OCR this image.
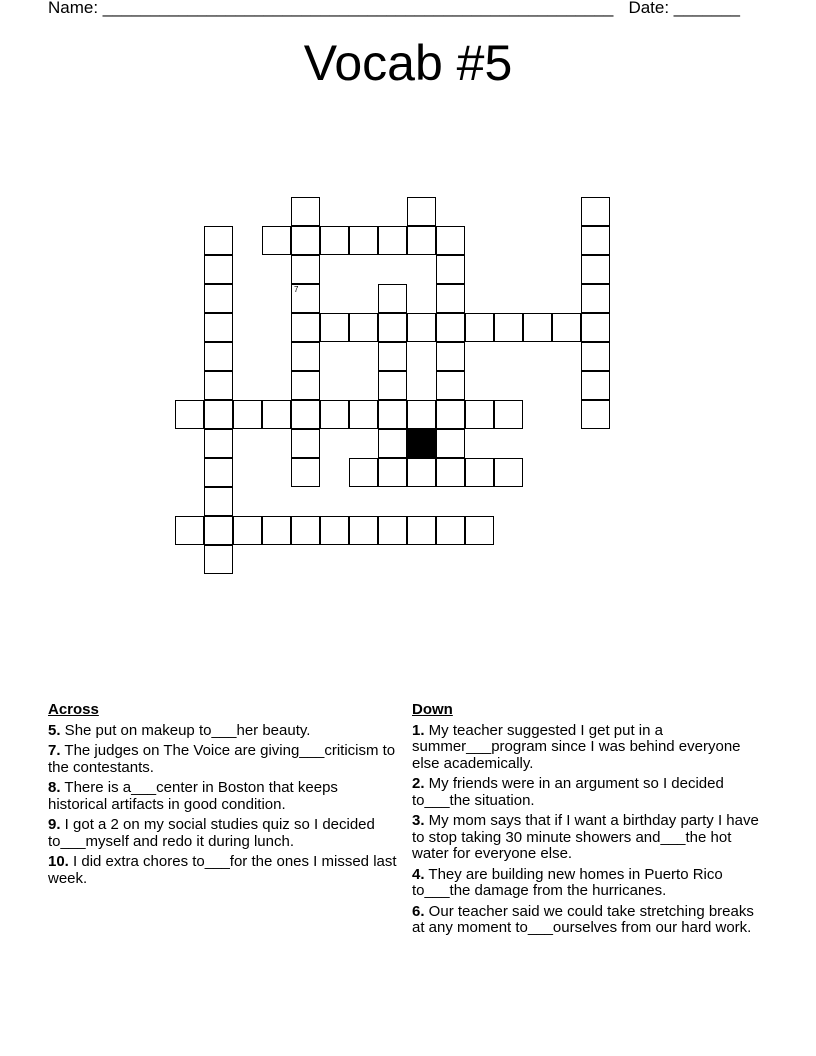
Name: ______________________________________________________ Date: _______
Vocab #5
7
Across
5. She put on makeup to___her beauty.
7. The judges on The Voice are giving___criticism to the contestants.
8. There is a___center in Boston that keeps historical artifacts in good condition.
9. I got a 2 on my social studies quiz so I decided to___myself and redo it during lunch.
10. I did extra chores to___for the ones I missed last week.
Down
1. My teacher suggested I get put in a summer___program since I was behind everyone else academically.
2. My friends were in an argument so I decided to___the situation.
3. My mom says that if I want a birthday party I have to stop taking 30 minute showers and___the hot water for everyone else.
4. They are building new homes in Puerto Rico to___the damage from the hurricanes.
6. Our teacher said we could take stretching breaks at any moment to___ourselves from our hard work.
